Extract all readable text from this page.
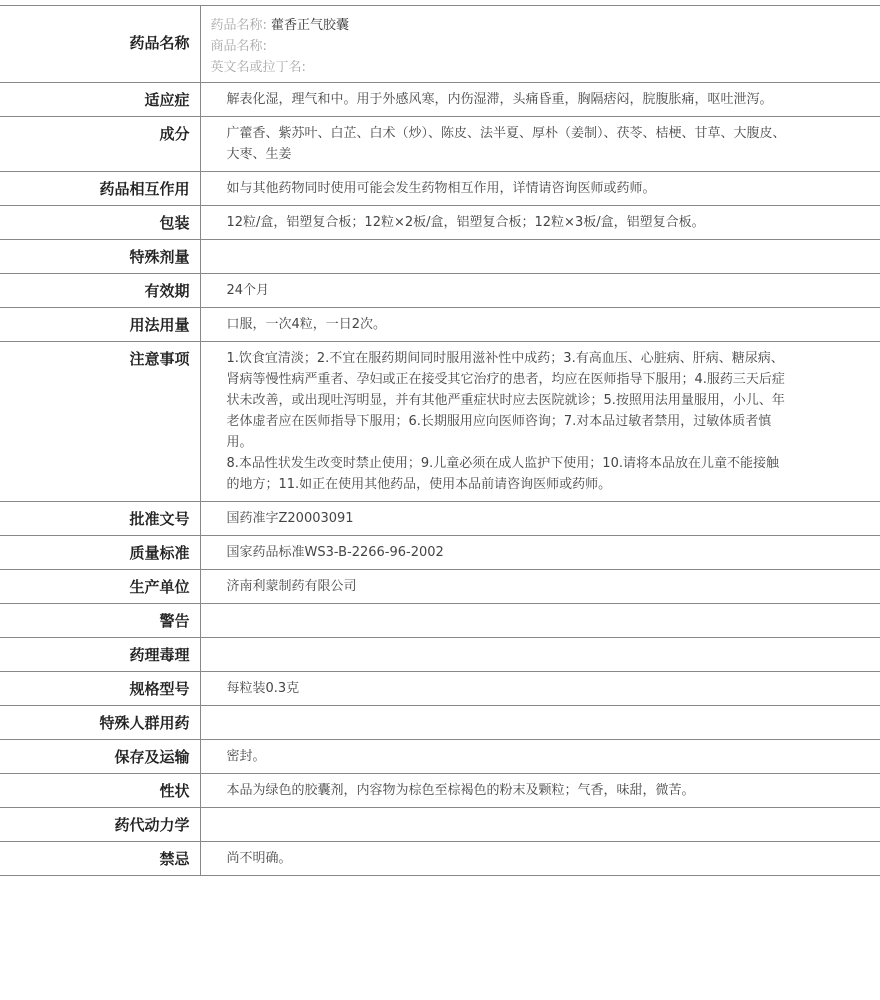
药品名称	药品名称: 藿香正气胶囊
商品名称:
英文名或拉丁名:

适应症	解表化湿，理气和中。用于外感风寒，内伤湿滞，头痛昏重，胸隔痞闷，脘腹胀痛，呕吐泄泻。

成分	广藿香、紫苏叶、白芷、白术（炒）、陈皮、法半夏、厚朴（姜制）、茯苓、桔梗、甘草、大腹皮、大枣、生姜

药品相互作用	如与其他药物同时使用可能会发生药物相互作用，详情请咨询医师或药师。

包装	12粒/盒，铝塑复合板；12粒×2板/盒，铝塑复合板；12粒×3板/盒，铝塑复合板。

特殊剂量	

有效期	24个月

用法用量	口服，一次4粒，一日2次。

注意事项	1.饮食宜清淡；2.不宜在服药期间同时服用滋补性中成药；3.有高血压、心脏病、肝病、糖尿病、肾病等慢性病严重者、孕妇或正在接受其它治疗的患者，均应在医师指导下服用；4.服药三天后症状未改善，或出现吐泻明显，并有其他严重症状时应去医院就诊；5.按照用法用量服用，小儿、年老体虚者应在医师指导下服用；6.长期服用应向医师咨询；7.对本品过敏者禁用，过敏体质者慎用。

8.本品性状发生改变时禁止使用；9.儿童必须在成人监护下使用；10.请将本品放在儿童不能接触的地方；11.如正在使用其他药品，使用本品前请咨询医师或药师。

批准文号	国药准字Z20003091

质量标准	国家药品标准WS3-B-2266-96-2002

生产单位	济南利蒙制药有限公司

警告	

药理毒理	

规格型号	每粒装0.3克

特殊人群用药	

保存及运输	密封。

性状	本品为绿色的胶囊剂，内容物为棕色至棕褐色的粉末及颗粒；气香，味甜，微苦。

药代动力学	

禁忌	尚不明确。
